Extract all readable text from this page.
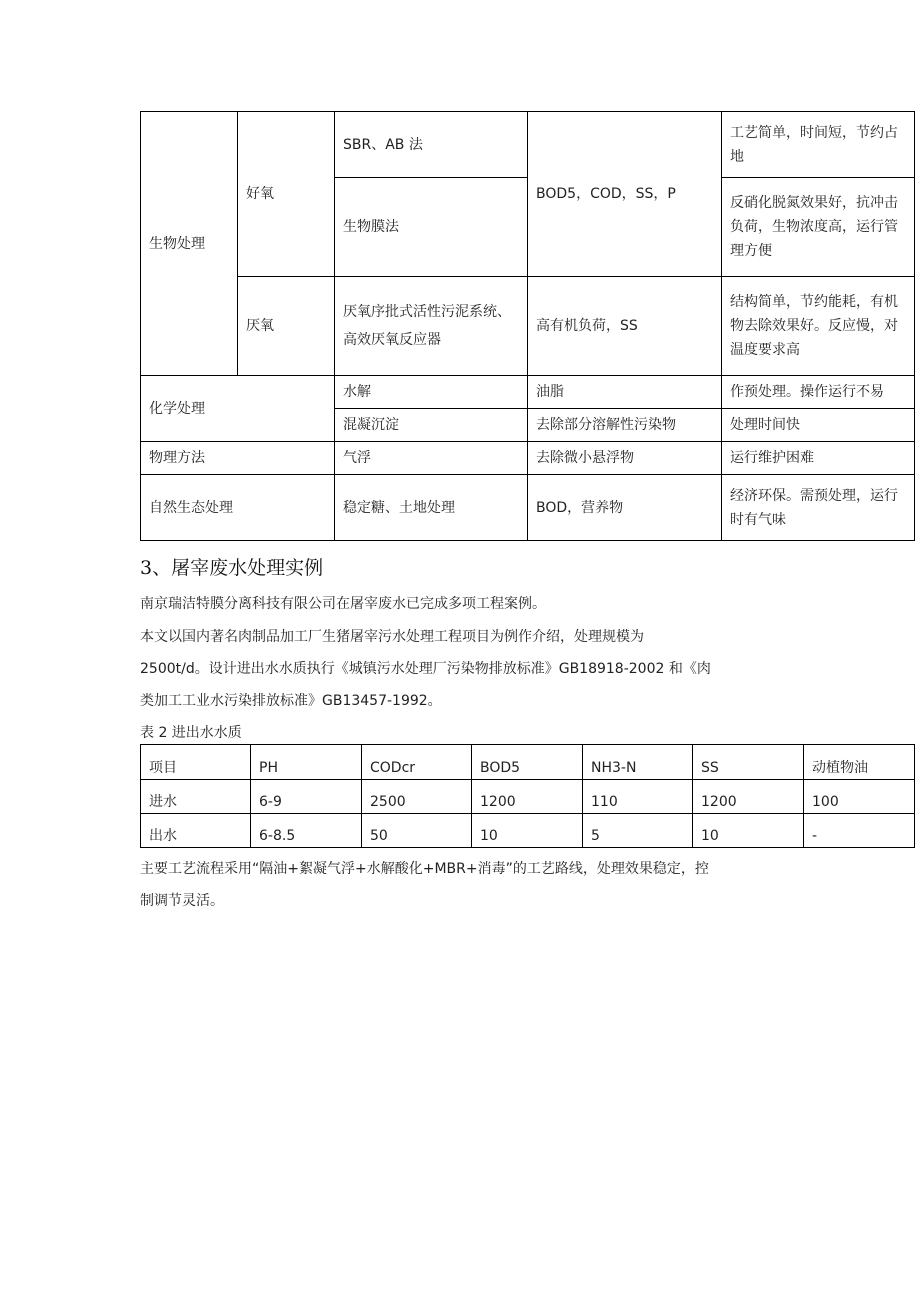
生物处理	好氧	SBR、AB 法	BOD5，COD，SS，P	工艺简单，时间短，节约占地
		生物膜法		反硝化脱氮效果好，抗冲击负荷，生物浓度高，运行管理方便
	厌氧	厌氧序批式活性污泥系统、高效厌氧反应器	高有机负荷，SS	结构简单，节约能耗，有机物去除效果好。反应慢，对温度要求高

化学处理		水解	油脂	作预处理。操作运行不易
		混凝沉淀	去除部分溶解性污染物	处理时间快
物理方法		气浮	去除微小悬浮物	运行维护困难
自然生态处理		稳定糖、土地处理	BOD，营养物	经济环保。需预处理，运行时有气味
3、屠宰废水处理实例
南京瑞洁特膜分离科技有限公司在屠宰废水已完成多项工程案例。
本文以国内著名肉制品加工厂生猪屠宰污水处理工程项目为例作介绍，处理规模为
2500t/d。设计进出水水质执行《城镇污水处理厂污染物排放标准》GB18918-2002 和《肉
类加工工业水污染排放标准》GB13457-1992。
表 2 进出水水质
项目	PH	CODcr	BOD5	NH3-N	SS	动植物油
进水	6-9	2500	1200	110	1200	100
出水	6-8.5	50	10	5	10	-
主要工艺流程采用“隔油+絮凝气浮+水解酸化+MBR+消毒”的工艺路线，处理效果稳定，控
制调节灵活。
